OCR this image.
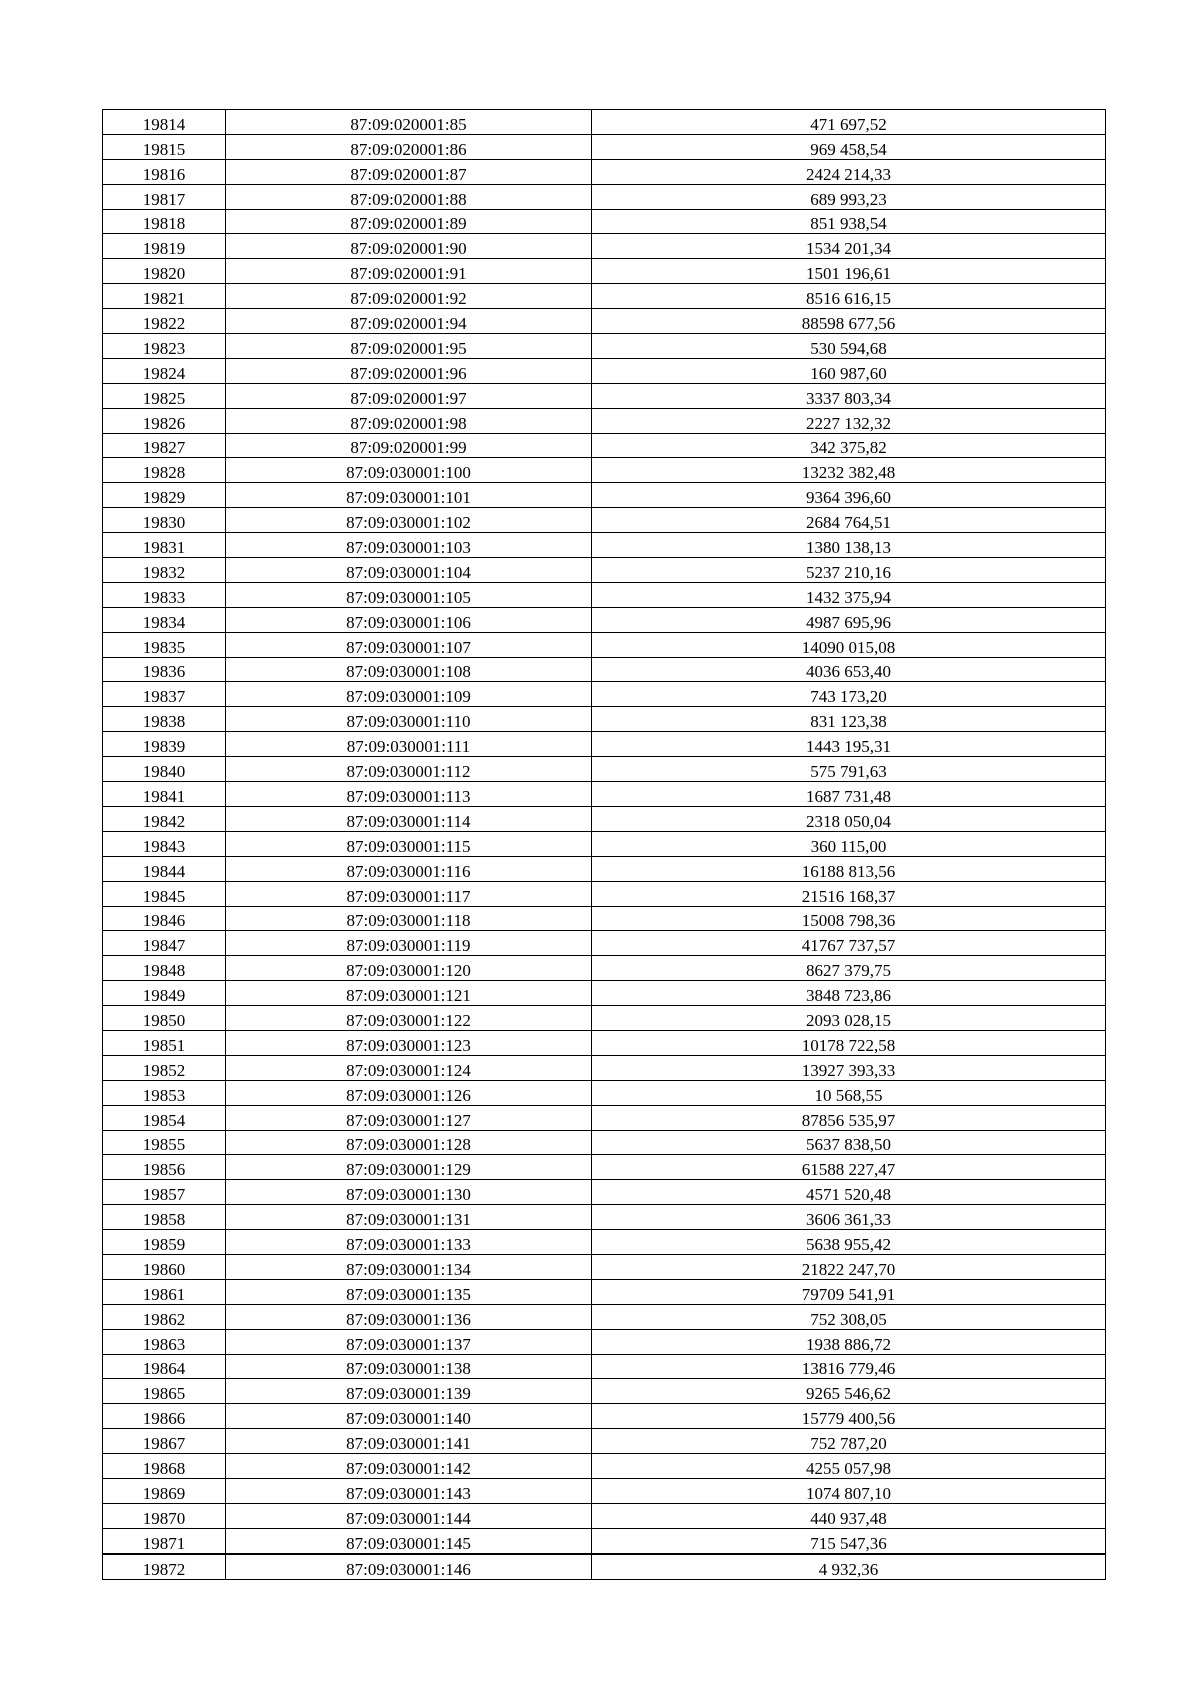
19814	87:09:020001:85	471 697,52
19815	87:09:020001:86	969 458,54
19816	87:09:020001:87	2424 214,33
19817	87:09:020001:88	689 993,23
19818	87:09:020001:89	851 938,54
19819	87:09:020001:90	1534 201,34
19820	87:09:020001:91	1501 196,61
19821	87:09:020001:92	8516 616,15
19822	87:09:020001:94	88598 677,56
19823	87:09:020001:95	530 594,68
19824	87:09:020001:96	160 987,60
19825	87:09:020001:97	3337 803,34
19826	87:09:020001:98	2227 132,32
19827	87:09:020001:99	342 375,82
19828	87:09:030001:100	13232 382,48
19829	87:09:030001:101	9364 396,60
19830	87:09:030001:102	2684 764,51
19831	87:09:030001:103	1380 138,13
19832	87:09:030001:104	5237 210,16
19833	87:09:030001:105	1432 375,94
19834	87:09:030001:106	4987 695,96
19835	87:09:030001:107	14090 015,08
19836	87:09:030001:108	4036 653,40
19837	87:09:030001:109	743 173,20
19838	87:09:030001:110	831 123,38
19839	87:09:030001:111	1443 195,31
19840	87:09:030001:112	575 791,63
19841	87:09:030001:113	1687 731,48
19842	87:09:030001:114	2318 050,04
19843	87:09:030001:115	360 115,00
19844	87:09:030001:116	16188 813,56
19845	87:09:030001:117	21516 168,37
19846	87:09:030001:118	15008 798,36
19847	87:09:030001:119	41767 737,57
19848	87:09:030001:120	8627 379,75
19849	87:09:030001:121	3848 723,86
19850	87:09:030001:122	2093 028,15
19851	87:09:030001:123	10178 722,58
19852	87:09:030001:124	13927 393,33
19853	87:09:030001:126	10 568,55
19854	87:09:030001:127	87856 535,97
19855	87:09:030001:128	5637 838,50
19856	87:09:030001:129	61588 227,47
19857	87:09:030001:130	4571 520,48
19858	87:09:030001:131	3606 361,33
19859	87:09:030001:133	5638 955,42
19860	87:09:030001:134	21822 247,70
19861	87:09:030001:135	79709 541,91
19862	87:09:030001:136	752 308,05
19863	87:09:030001:137	1938 886,72
19864	87:09:030001:138	13816 779,46
19865	87:09:030001:139	9265 546,62
19866	87:09:030001:140	15779 400,56
19867	87:09:030001:141	752 787,20
19868	87:09:030001:142	4255 057,98
19869	87:09:030001:143	1074 807,10
19870	87:09:030001:144	440 937,48
19871	87:09:030001:145	715 547,36
19872	87:09:030001:146	4 932,36
